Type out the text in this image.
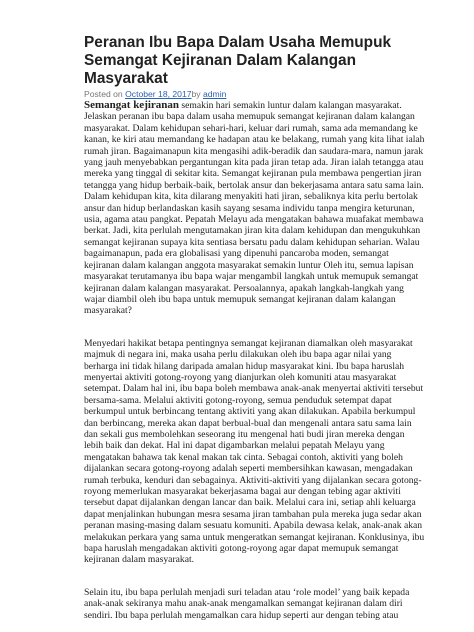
Peranan Ibu Bapa Dalam Usaha Memupuk Semangat Kejiranan Dalam Kalangan Masyarakat
Posted on October 18, 2017by admin

Semangat kejiranan semakin hari semakin luntur dalam kalangan masyarakat. Jelaskan peranan ibu bapa dalam usaha memupuk semangat kejiranan dalam kalangan masyarakat. Dalam kehidupan sehari-hari, keluar dari rumah, sama ada memandang ke kanan, ke kiri atau memandang ke hadapan atau ke belakang, rumah yang kita lihat ialah rumah jiran. Bagaimanapun kita mengasihi adik-beradik dan saudara-mara, namun jarak yang jauh menyebabkan pergantungan kita pada jiran tetap ada. Jiran ialah tetangga atau mereka yang tinggal di sekitar kita. Semangat kejiranan pula membawa pengertian jiran tetangga yang hidup berbaik-baik, bertolak ansur dan bekerjasama antara satu sama lain. Dalam kehidupan kita, kita dilarang menyakiti hati jiran, sebaliknya kita perlu bertolak ansur dan hidup berlandaskan kasih sayang sesama individu tanpa mengira keturunan, usia, agama atau pangkat. Pepatah Melayu ada mengatakan bahawa muafakat membawa berkat. Jadi, kita perlulah mengutamakan jiran kita dalam kehidupan dan mengukuhkan semangat kejiranan supaya kita sentiasa bersatu padu dalam kehidupan seharian. Walau bagaimanapun, pada era globalisasi yang dipenuhi pancaroba moden, semangat kejiranan dalam kalangan anggota masyarakat semakin luntur Oleh itu, semua lapisan masyarakat terutamanya ibu bapa wajar mengambil langkah untuk memupuk semangat kejiranan dalam kalangan masyarakat. Persoalannya, apakah langkah-langkah yang wajar diambil oleh ibu bapa untuk memupuk semangat kejiranan dalam kalangan masyarakat?

Menyedari hakikat betapa pentingnya semangat kejiranan diamalkan oleh masyarakat majmuk di negara ini, maka usaha perlu dilakukan oleh ibu bapa agar nilai yang berharga ini tidak hilang daripada amalan hidup masyarakat kini. Ibu bapa haruslah menyertai aktiviti gotong-royong yang dianjurkan oleh komuniti atau masyarakat setempat. Dalam hal ini, ibu bapa boleh membawa anak-anak menyertai aktiviti tersebut bersama-sama. Melalui aktiviti gotong-royong, semua penduduk setempat dapat berkumpul untuk berbincang tentang aktiviti yang akan dilakukan. Apabila berkumpul dan berbincang, mereka akan dapat berbual-bual dan mengenali antara satu sama lain dan sekali gus membolehkan seseorang itu mengenal hati budi jiran mereka dengan lebih baik dan dekat. Hal ini dapat digambarkan melalui pepatah Melayu yang mengatakan bahawa tak kenal makan tak cinta. Sebagai contoh, aktiviti yang boleh dijalankan secara gotong-royong adalah seperti membersihkan kawasan, mengadakan rumah terbuka, kenduri dan sebagainya. Aktiviti-aktiviti yang dijalankan secara gotong-royong memerlukan masyarakat bekerjasama bagai aur dengan tebing agar aktiviti tersebut dapat dijalankan dengan lancar dan baik. Melalui cara ini, setiap ahli keluarga dapat menjalinkan hubungan mesra sesama jiran tambahan pula mereka juga sedar akan peranan masing-masing dalam sesuatu komuniti. Apabila dewasa kelak, anak-anak akan melakukan perkara yang sama untuk mengeratkan semangat kejiranan. Konklusinya, ibu bapa haruslah mengadakan aktiviti gotong-royong agar dapat memupuk semangat kejiranan dalam masyarakat.

Selain itu, ibu bapa perlulah menjadi suri teladan atau ‘role model’ yang baik kepada anak-anak sekiranya mahu anak-anak mengamalkan semangat kejiranan dalam diri sendiri. Ibu bapa perlulah mengamalkan cara hidup seperti aur dengan tebing atau
